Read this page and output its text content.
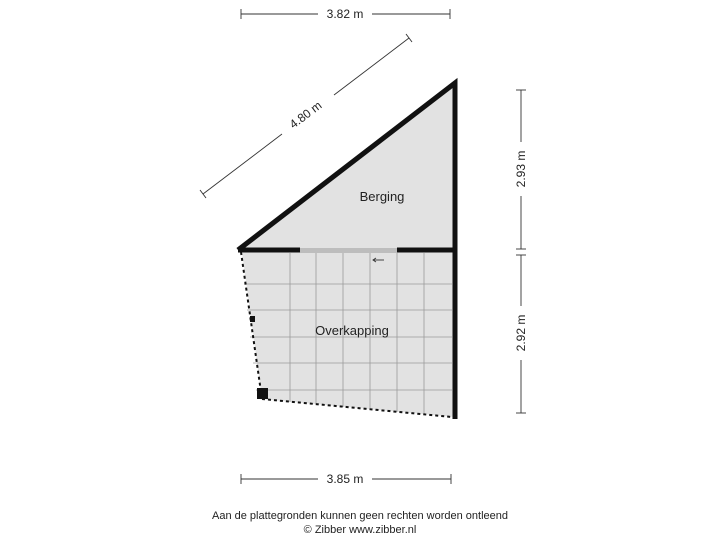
Berging
Overkapping
3.82 m
4.80 m
2.93 m
2.92 m
3.85 m
Aan de plattegronden kunnen geen rechten worden ontleend
© Zibber www.zibber.nl
